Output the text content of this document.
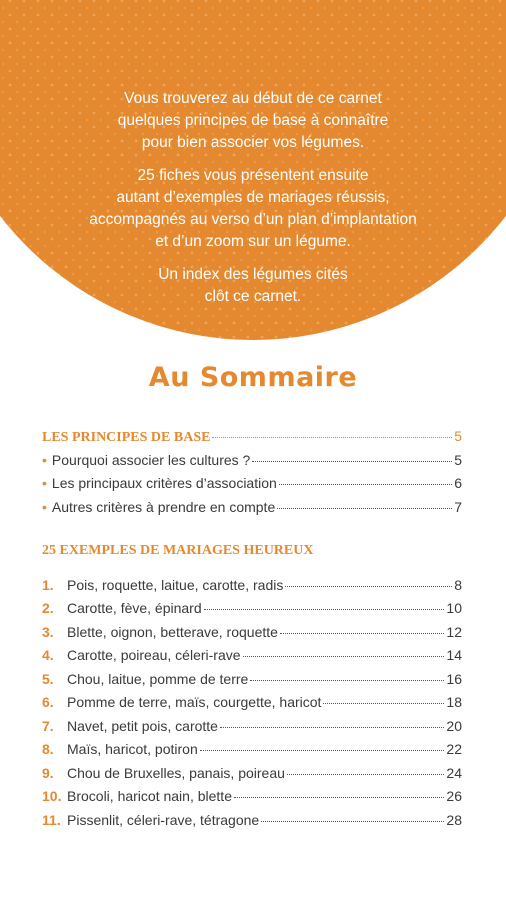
Vous trouverez au début de ce carnet
quelques principes de base à connaître
pour bien associer vos légumes.

25 fiches vous présentent ensuite
autant d’exemples de mariages réussis,
accompagnés au verso d’un plan d’implantation
et d’un zoom sur un légume.

Un index des légumes cités
clôt ce carnet.

Au Sommaire
LES PRINCIPES DE BASE	5
• Pourquoi associer les cultures ?	5
• Les principaux critères d’association	6
• Autres critères à prendre en compte	7
25 EXEMPLES DE MARIAGES HEUREUX
1. Pois, roquette, laitue, carotte, radis	8
2. Carotte, fève, épinard	10
3. Blette, oignon, betterave, roquette	12
4. Carotte, poireau, céleri-rave	14
5. Chou, laitue, pomme de terre	16
6. Pomme de terre, maïs, courgette, haricot	18
7. Navet, petit pois, carotte	20
8. Maïs, haricot, potiron	22
9. Chou de Bruxelles, panais, poireau	24
10. Brocoli, haricot nain, blette	26
11. Pissenlit, céleri-rave, tétragone	28
